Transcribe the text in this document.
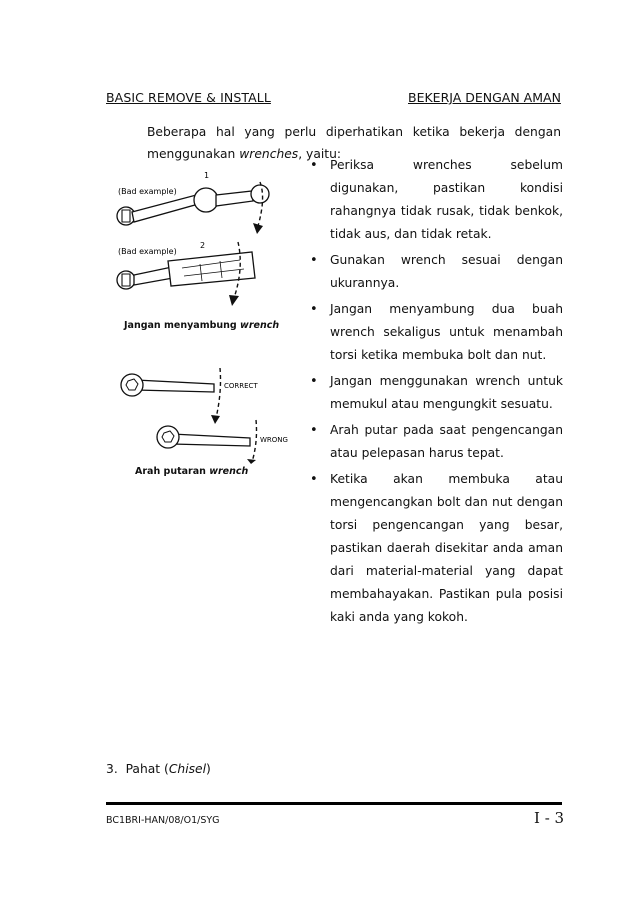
BASIC REMOVE & INSTALL	BEKERJA DENGAN AMAN
Beberapa hal yang perlu diperhatikan ketika bekerja dengan menggunakan wrenches, yaitu:
• Periksa wrenches sebelum digunakan, pastikan kondisi rahangnya tidak rusak, tidak benkok, tidak aus, dan tidak retak.
• Gunakan wrench sesuai dengan ukurannya.
• Jangan menyambung dua buah wrench sekaligus untuk menambah torsi ketika membuka bolt dan nut.
• Jangan menggunakan wrench untuk memukul atau mengungkit sesuatu.
• Arah putar pada saat pengencangan atau pelepasan harus tepat.
• Ketika akan membuka atau mengencangkan bolt dan nut dengan torsi pengencangan yang besar, pastikan daerah disekitar anda aman dari material-material yang dapat membahayakan. Pastikan pula posisi kaki anda yang kokoh.
(Bad example)
1
(Bad example)
2
Jangan menyambung wrench
CORRECT
WRONG
Arah putaran wrench
3. Pahat (Chisel)
BC1BRI-HAN/08/O1/SYG	I - 3
